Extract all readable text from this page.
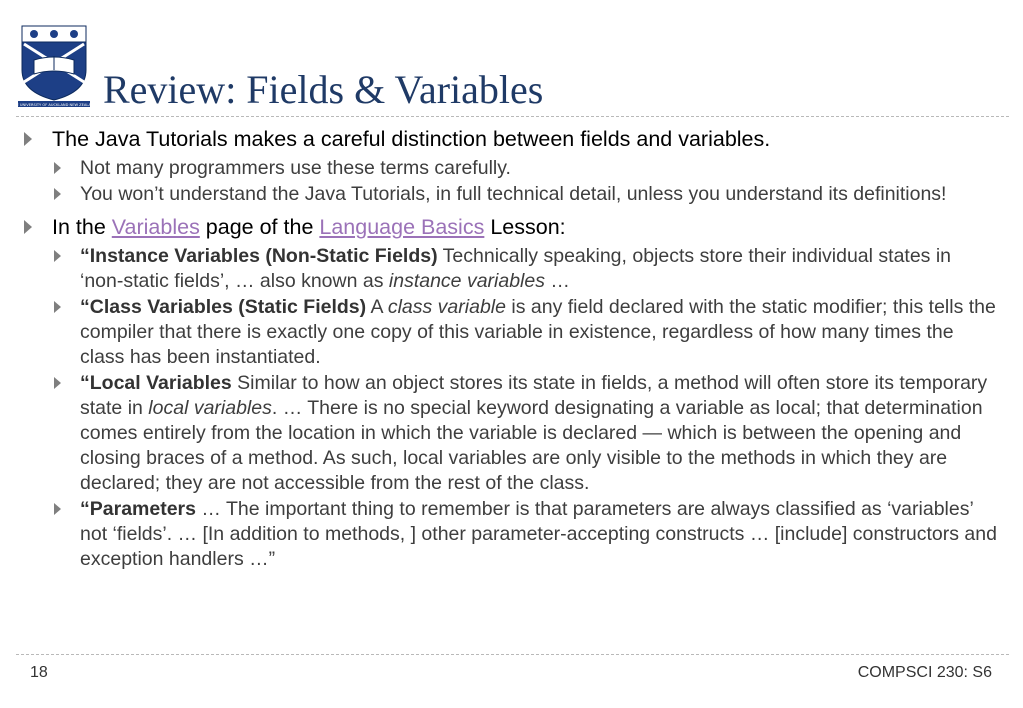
THE UNIVERSITY OF AUCKLAND NEW ZEALAND Review: Fields & Variables
The Java Tutorials makes a careful distinction between fields and variables.
Not many programmers use these terms carefully.
You won’t understand the Java Tutorials, in full technical detail, unless you understand its definitions!
In the Variables page of the Language Basics Lesson:
“Instance Variables (Non-Static Fields) Technically speaking, objects store their individual states in ‘non-static fields’, … also known as instance variables …
“Class Variables (Static Fields) A class variable is any field declared with the static modifier; this tells the compiler that there is exactly one copy of this variable in existence, regardless of how many times the class has been instantiated.
“Local Variables Similar to how an object stores its state in fields, a method will often store its temporary state in local variables. … There is no special keyword designating a variable as local; that determination comes entirely from the location in which the variable is declared — which is between the opening and closing braces of a method. As such, local variables are only visible to the methods in which they are declared; they are not accessible from the rest of the class.
“Parameters … The important thing to remember is that parameters are always classified as ‘variables’ not ‘fields’. … [In addition to methods, ] other parameter-accepting constructs … [include] constructors and exception handlers …”
18	COMPSCI 230: S6
